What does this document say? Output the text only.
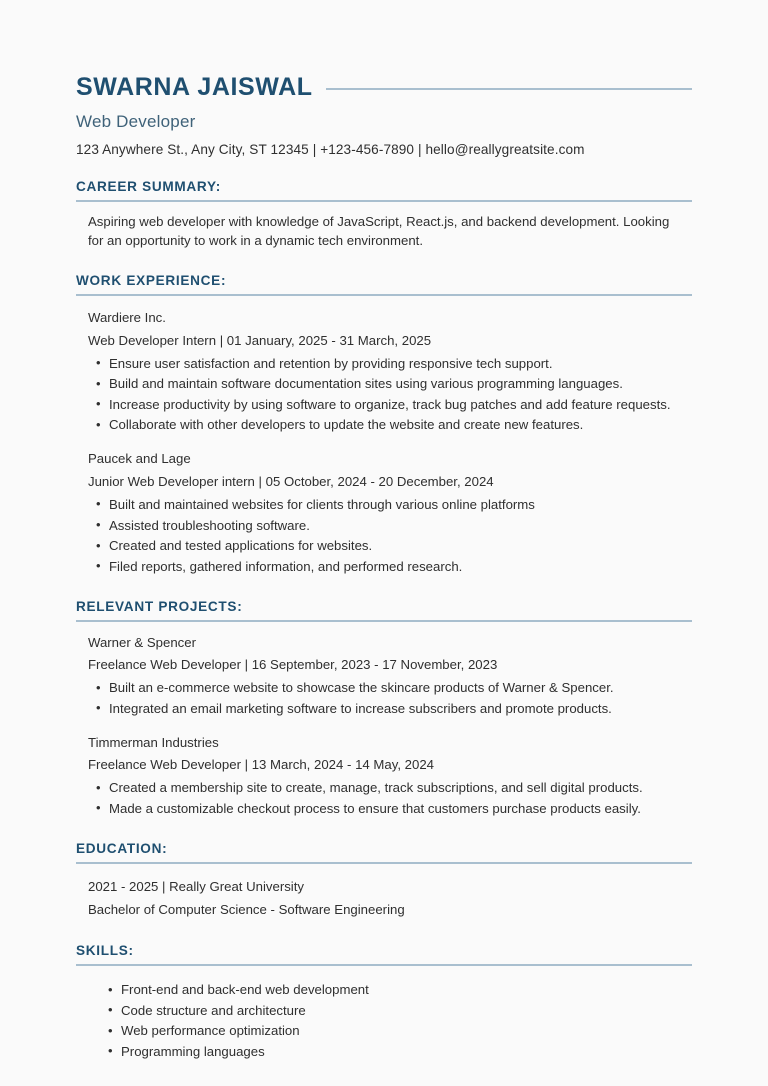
SWARNA JAISWAL
Web Developer
123 Anywhere St., Any City, ST 12345 | +123-456-7890 | hello@reallygreatsite.com
CAREER SUMMARY:
Aspiring web developer with knowledge of JavaScript, React.js, and backend development. Looking for an opportunity to work in a dynamic tech environment.
WORK EXPERIENCE:
Wardiere Inc.
Web Developer Intern | 01 January, 2025 - 31 March, 2025
• Ensure user satisfaction and retention by providing responsive tech support.
• Build and maintain software documentation sites using various programming languages.
• Increase productivity by using software to organize, track bug patches and add feature requests.
• Collaborate with other developers to update the website and create new features.
Paucek and Lage
Junior Web Developer intern | 05 October, 2024 - 20 December, 2024
• Built and maintained websites for clients through various online platforms
• Assisted troubleshooting software.
• Created and tested applications for websites.
• Filed reports, gathered information, and performed research.
RELEVANT PROJECTS:
Warner & Spencer
Freelance Web Developer | 16 September, 2023 - 17 November, 2023
• Built an e-commerce website to showcase the skincare products of Warner & Spencer.
• Integrated an email marketing software to increase subscribers and promote products.
Timmerman Industries
Freelance Web Developer | 13 March, 2024 - 14 May, 2024
• Created a membership site to create, manage, track subscriptions, and sell digital products.
• Made a customizable checkout process to ensure that customers purchase products easily.
EDUCATION:
2021 - 2025 | Really Great University
Bachelor of Computer Science - Software Engineering
SKILLS:
• Front-end and back-end web development
• Code structure and architecture
• Web performance optimization
• Programming languages
